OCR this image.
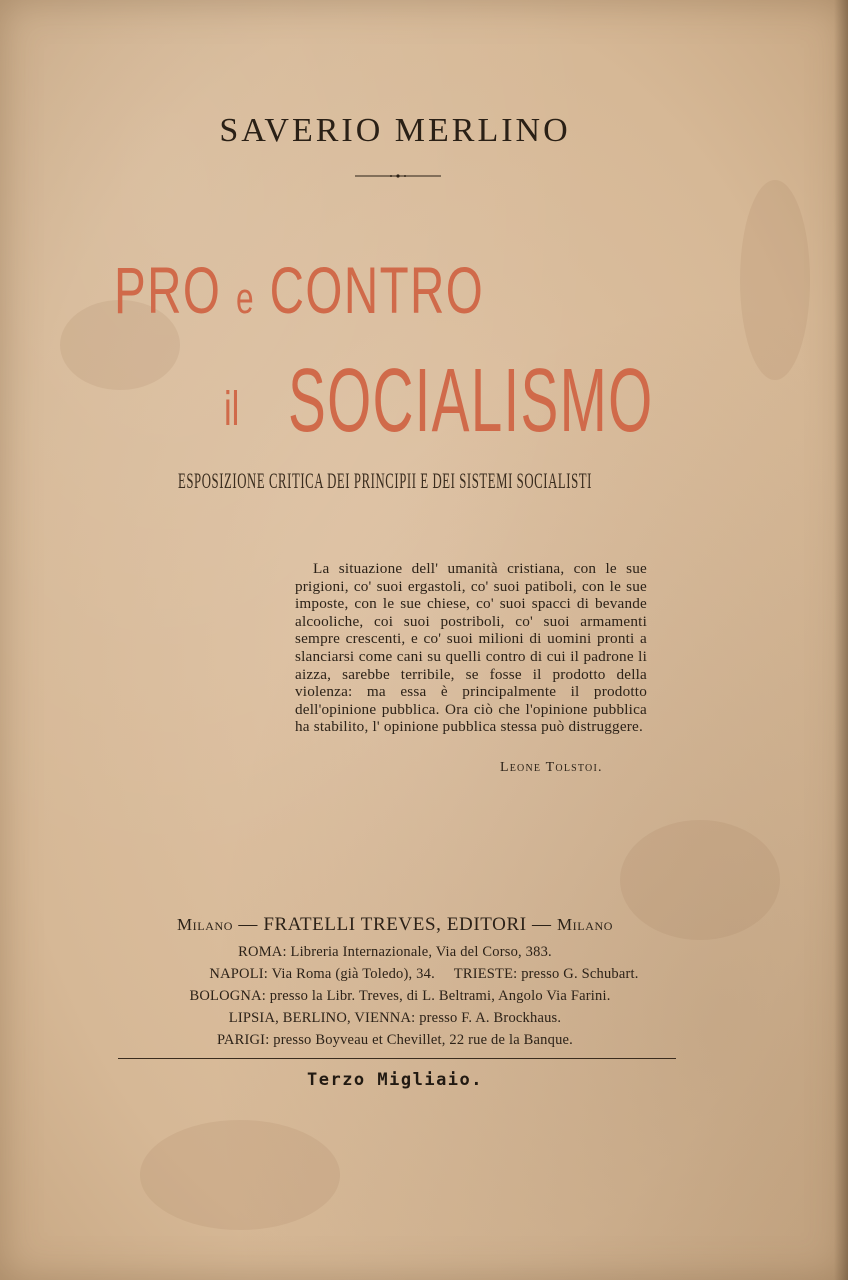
SAVERIO MERLINO
PRO e CONTRO
il SOCIALISMO
ESPOSIZIONE CRITICA DEI PRINCIPII E DEI SISTEMI SOCIALISTI
La situazione dell' umanità cristiana, con le sue prigioni, co' suoi ergastoli, co' suoi patiboli, con le sue imposte, con le sue chiese, co' suoi spacci di bevande alcooliche, coi suoi postriboli, co' suoi armamenti sempre crescenti, e co' suoi milioni di uomini pronti a slanciarsi come cani su quelli contro di cui il padrone li aizza, sarebbe terribile, se fosse il prodotto della violenza: ma essa è principalmente il prodotto dell'opinione pubblica. Ora ciò che l'opinione pubblica ha stabilito, l' opinione pubblica stessa può distruggere.
Leone Tolstoi.
Milano — FRATELLI TREVES, EDITORI — Milano
ROMA: Libreria Internazionale, Via del Corso, 383.
NAPOLI: Via Roma (già Toledo), 34.     TRIESTE: presso G. Schubart.
BOLOGNA: presso la Libr. Treves, di L. Beltrami, Angolo Via Farini.
LIPSIA, BERLINO, VIENNA: presso F. A. Brockhaus.
PARIGI: presso Boyveau et Chevillet, 22 rue de la Banque.
Terzo Migliaio.
